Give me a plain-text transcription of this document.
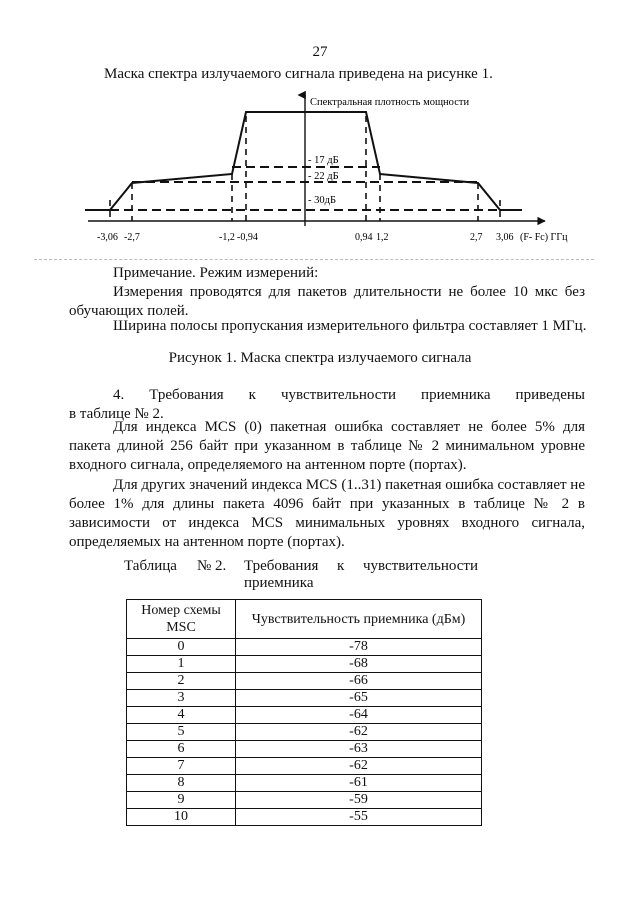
27
Маска спектра излучаемого сигнала приведена на рисунке 1.
Спектральная плотность мощности
- 17 дБ
- 22 дБ
- 30дБ
-3,06 -2,7	-1,2 -0,94	0,94 1,2	2,7 3,06 (F- Fc) ГГц
Примечание. Режим измерений:
Измерения проводятся для пакетов длительности не более 10 мкс без обучающих полей.
Ширина полосы пропускания измерительного фильтра составляет 1 МГц.
Рисунок 1. Маска спектра излучаемого сигнала
4. Требования к чувствительности приемника приведены
в таблице № 2.
Для индекса MCS (0) пакетная ошибка составляет не более 5% для пакета длиной 256 байт при указанном в таблице № 2 минимальном уровне входного сигнала, определяемого на антенном порте (портах).
Для других значений индекса MCS (1..31) пакетная ошибка составляет не более 1% для длины пакета 4096 байт при указанных в таблице № 2 в зависимости от индекса MCS минимальных уровнях входного сигнала, определяемых на антенном порте (портах).
Таблица № 2. Требования к чувствительности
приемника
Номер схемы MSC	Чувствительность приемника (дБм)
0	-78
1	-68
2	-66
3	-65
4	-64
5	-62
6	-63
7	-62
8	-61
9	-59
10	-55
